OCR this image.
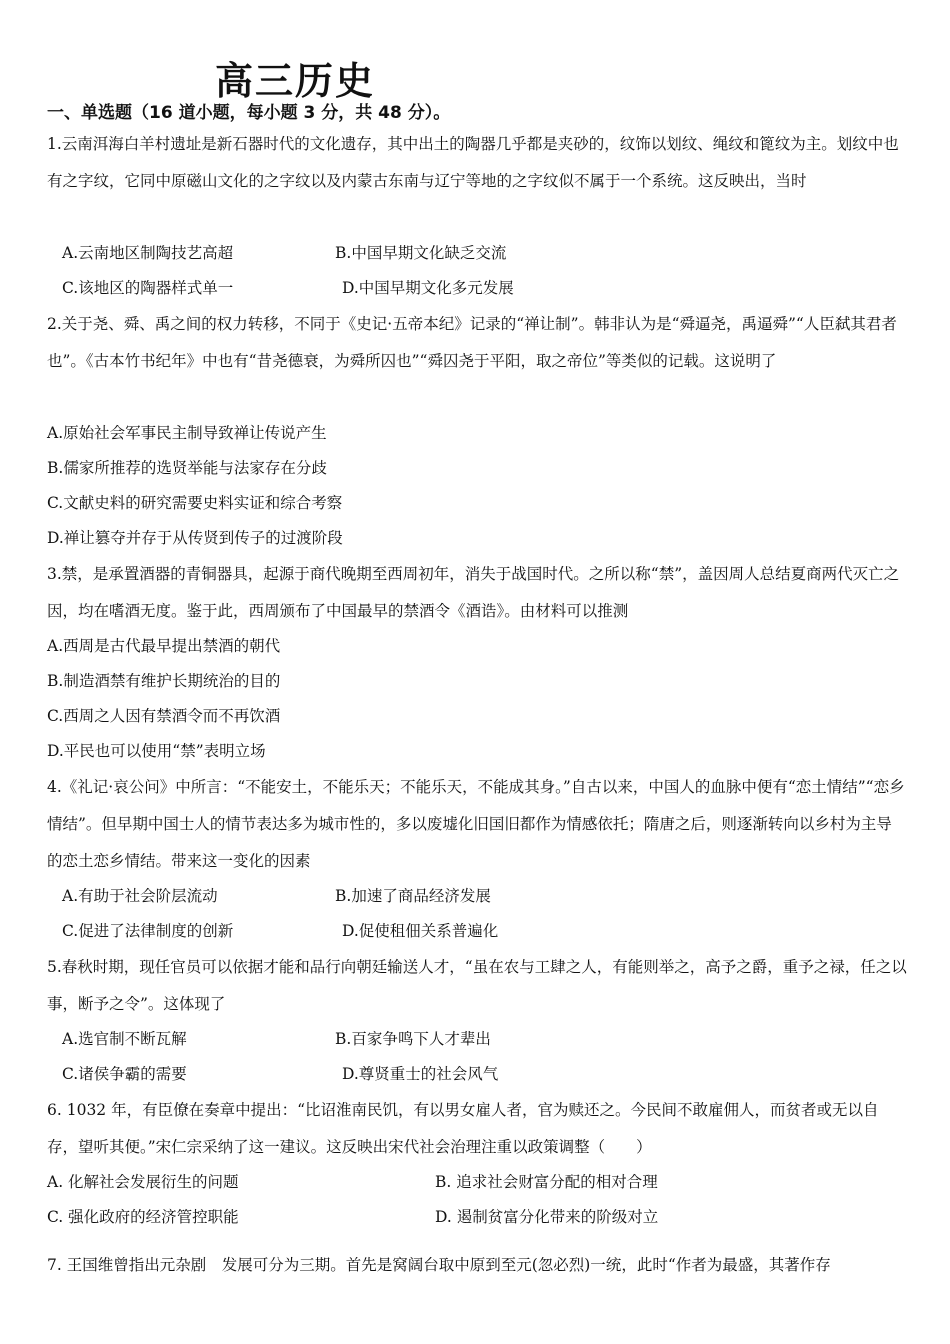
高三历史
一、单选题（16 道小题，每小题 3 分，共 48 分）。

1.云南洱海白羊村遗址是新石器时代的文化遗存，其中出土的陶器几乎都是夹砂的，纹饰以划纹、绳纹和篦纹为主。划纹中也有之字纹，它同中原磁山文化的之字纹以及内蒙古东南与辽宁等地的之字纹似不属于一个系统。这反映出，当时

A.云南地区制陶技艺高超	B.中国早期文化缺乏交流
C.该地区的陶器样式单一	D.中国早期文化多元发展

2.关于尧、舜、禹之间的权力转移，不同于《史记·五帝本纪》记录的“禅让制”。韩非认为是“舜逼尧，禹逼舜”“人臣弑其君者也”。《古本竹书纪年》中也有“昔尧德衰，为舜所囚也”“舜囚尧于平阳，取之帝位”等类似的记载。这说明了

A.原始社会军事民主制导致禅让传说产生
B.儒家所推荐的选贤举能与法家存在分歧
C.文献史料的研究需要史料实证和综合考察
D.禅让篡夺并存于从传贤到传子的过渡阶段

3.禁，是承置酒器的青铜器具，起源于商代晚期至西周初年，消失于战国时代。之所以称“禁”，盖因周人总结夏商两代灭亡之因，均在嗜酒无度。鉴于此，西周颁布了中国最早的禁酒令《酒诰》。由材料可以推测

A.西周是古代最早提出禁酒的朝代
B.制造酒禁有维护长期统治的目的
C.西周之人因有禁酒令而不再饮酒
D.平民也可以使用“禁”表明立场

4.《礼记·哀公问》中所言：“不能安土，不能乐天；不能乐天，不能成其身。”自古以来，中国人的血脉中便有“恋土情结”“恋乡情结”。但早期中国士人的情节表达多为城市性的，多以废墟化旧国旧都作为情感依托；隋唐之后，则逐渐转向以乡村为主导的恋土恋乡情结。带来这一变化的因素

A.有助于社会阶层流动	B.加速了商品经济发展
C.促进了法律制度的创新	D.促使租佃关系普遍化

5.春秋时期，现任官员可以依据才能和品行向朝廷输送人才，“虽在农与工肆之人，有能则举之，高予之爵，重予之禄，任之以事，断予之令”。这体现了

A.选官制不断瓦解	B.百家争鸣下人才辈出
C.诸侯争霸的需要	D.尊贤重士的社会风气

6. 1032 年，有臣僚在奏章中提出：“比诏淮南民饥，有以男女雇人者，官为赎还之。今民间不敢雇佣人，而贫者或无以自存，望听其便。”宋仁宗采纳了这一建议。这反映出宋代社会治理注重以政策调整（　　）

A. 化解社会发展衍生的问题	B. 追求社会财富分配的相对合理
C. 强化政府的经济管控职能	D. 遏制贫富分化带来的阶级对立

7. 王国维曾指出元杂剧　发展可分为三期。首先是窝阔台取中原到至元(忽必烈)一统，此时“作者为最盛，其著作存
